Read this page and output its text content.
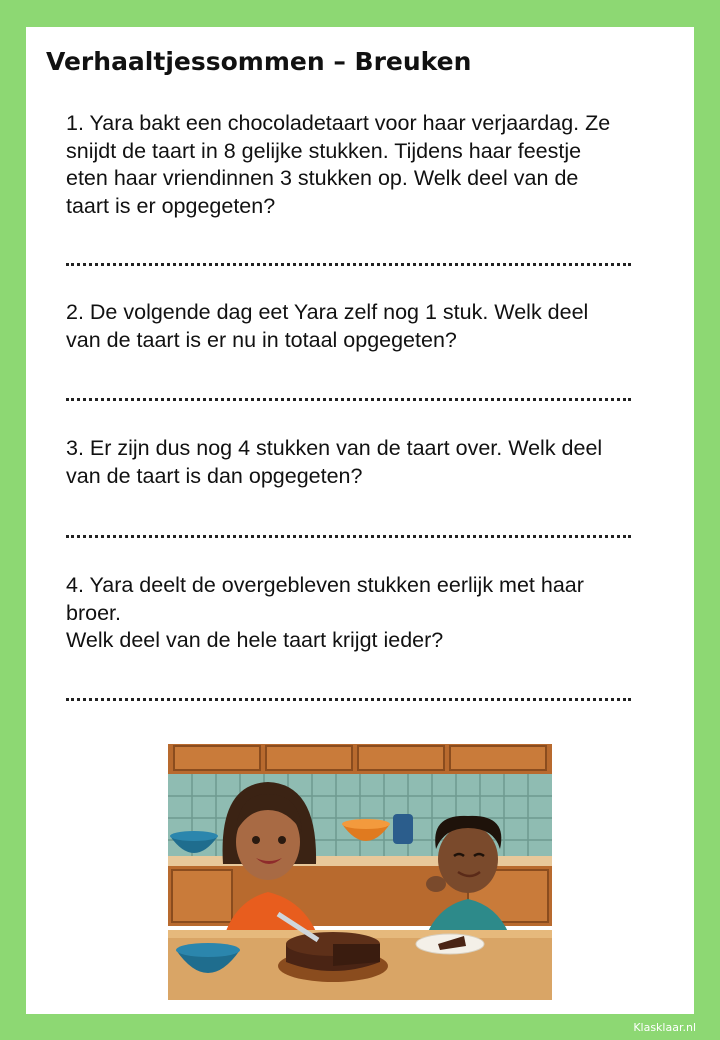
Verhaaltjessommen – Breuken
1. Yara bakt een chocoladetaart voor haar verjaardag. Ze
snijdt de taart in 8 gelijke stukken. Tijdens haar feestje
eten haar vriendinnen 3 stukken op. Welk deel van de
taart is er opgegeten?
2. De volgende dag eet Yara zelf nog 1 stuk. Welk deel
van de taart is er nu in totaal opgegeten?
3. Er zijn dus nog 4 stukken van de taart over. Welk deel
van de taart is dan opgegeten?
4. Yara deelt de overgebleven stukken eerlijk met haar
broer.
Welk deel van de hele taart krijgt ieder?
Klasklaar.nl
